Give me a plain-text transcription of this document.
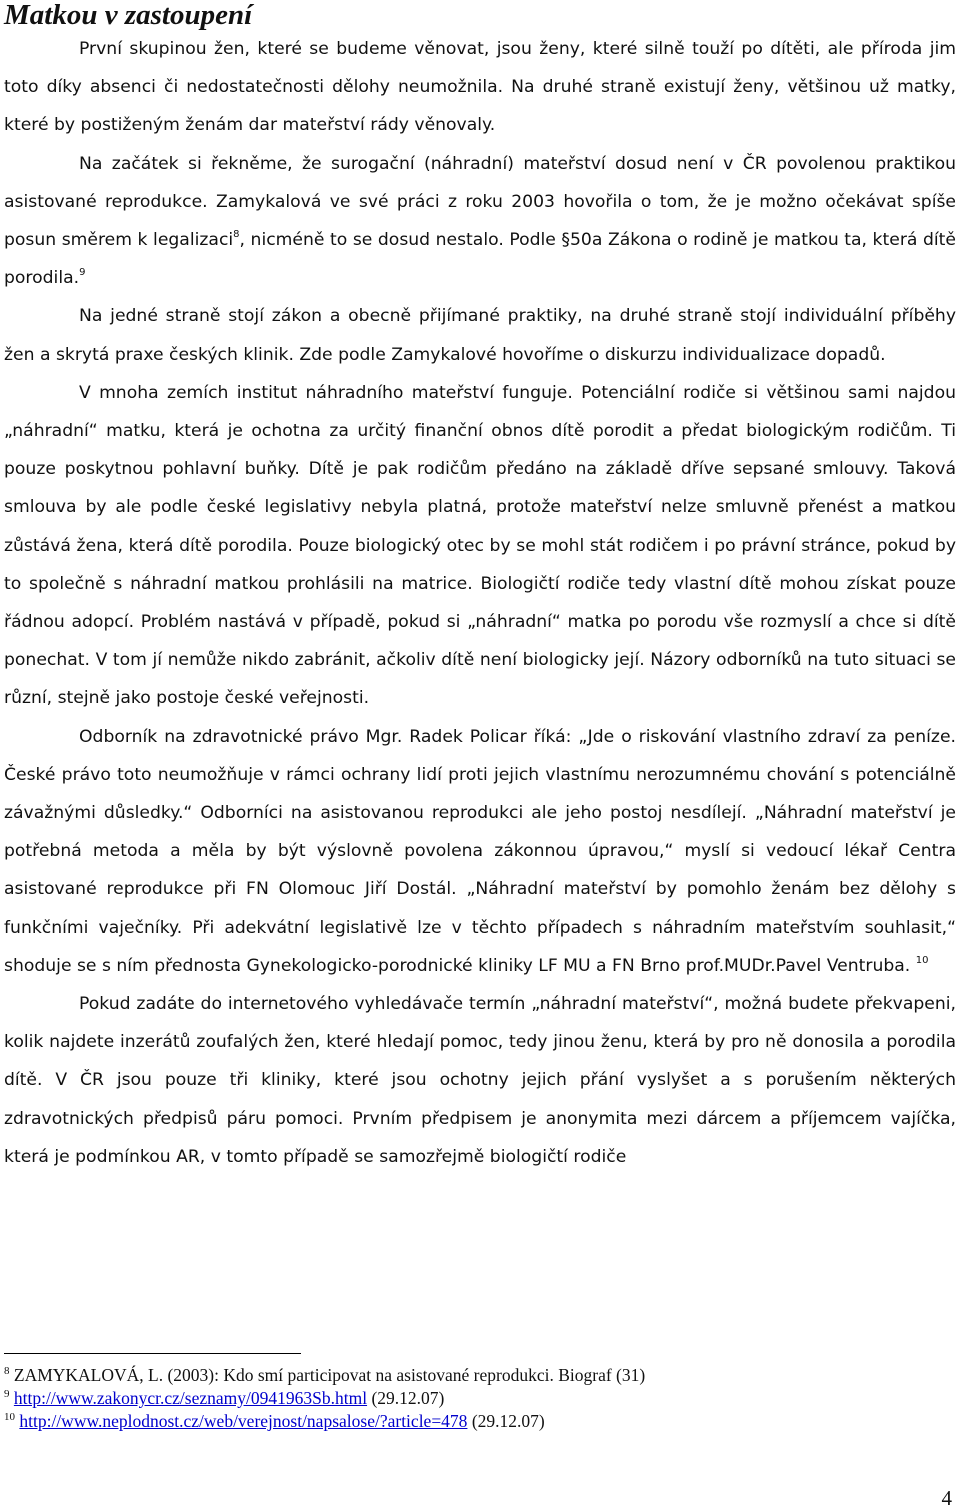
Matkou v zastoupení

První skupinou žen, které se budeme věnovat, jsou ženy, které silně touží po dítěti, ale příroda jim toto díky absenci či nedostatečnosti dělohy neumožnila. Na druhé straně existují ženy, většinou už matky, které by postiženým ženám dar mateřství rády věnovaly.

Na začátek si řekněme, že surogační (náhradní) mateřství dosud není v ČR povolenou praktikou asistované reprodukce. Zamykalová ve své práci z roku 2003 hovořila o tom, že je možno očekávat spíše posun směrem k legalizaci$^8$, nicméně to se dosud nestalo. Podle §50a Zákona o rodině je matkou ta, která dítě porodila.$^9$

Na jedné straně stojí zákon a obecně přijímané praktiky, na druhé straně stojí individuální příběhy žen a skrytá praxe českých klinik. Zde podle Zamykalové hovoříme o diskurzu individualizace dopadů.

V mnoha zemích institut náhradního mateřství funguje. Potenciální rodiče si většinou sami najdou „náhradní“ matku, která je ochotna za určitý finanční obnos dítě porodit a předat biologickým rodičům. Ti pouze poskytnou pohlavní buňky. Dítě je pak rodičům předáno na základě dříve sepsané smlouvy. Taková smlouva by ale podle české legislativy nebyla platná, protože mateřství nelze smluvně přenést a matkou zůstává žena, která dítě porodila. Pouze biologický otec by se mohl stát rodičem i po právní stránce, pokud by to společně s náhradní matkou prohlásili na matrice. Biologičtí rodiče tedy vlastní dítě mohou získat pouze řádnou adopcí. Problém nastává v případě, pokud si „náhradní“ matka po porodu vše rozmyslí a chce si dítě ponechat. V tom jí nemůže nikdo zabránit, ačkoliv dítě není biologicky její. Názory odborníků na tuto situaci se různí, stejně jako postoje české veřejnosti.

Odborník na zdravotnické právo Mgr. Radek Policar říká: „Jde o riskování vlastního zdraví za peníze. České právo toto neumožňuje v rámci ochrany lidí proti jejich vlastnímu nerozumnému chování s potenciálně závažnými důsledky.“ Odborníci na asistovanou reprodukci ale jeho postoj nesdílejí. „Náhradní mateřství je potřebná metoda a měla by být výslovně povolena zákonnou úpravou,“ myslí si vedoucí lékař Centra asistované reprodukce při FN Olomouc Jiří Dostál. „Náhradní mateřství by pomohlo ženám bez dělohy s funkčními vaječníky. Při adekvátní legislativě lze v těchto případech s náhradním mateřstvím souhlasit,“ shoduje se s ním přednosta Gynekologicko-porodnické kliniky LF MU a FN Brno prof.MUDr.Pavel Ventruba. $^{10}$

Pokud zadáte do internetového vyhledávače termín „náhradní mateřství“, možná budete překvapeni, kolik najdete inzerátů zoufalých žen, které hledají pomoc, tedy jinou ženu, která by pro ně donosila a porodila dítě. V ČR jsou pouze tři kliniky, které jsou ochotny jejich přání vyslyšet a s porušením některých zdravotnických předpisů páru pomoci. Prvním předpisem je anonymita mezi dárcem a příjemcem vajíčka, která je podmínkou AR, v tomto případě se samozřejmě biologičtí rodiče

$^8$ ZAMYKALOVÁ, L. (2003): Kdo smí participovat na asistované reprodukci. Biograf (31)
$^9$ http://www.zakonycr.cz/seznamy/0941963Sb.html (29.12.07)
$^{10}$ http://www.neplodnost.cz/web/verejnost/napsalose/?article=478 (29.12.07)
4
